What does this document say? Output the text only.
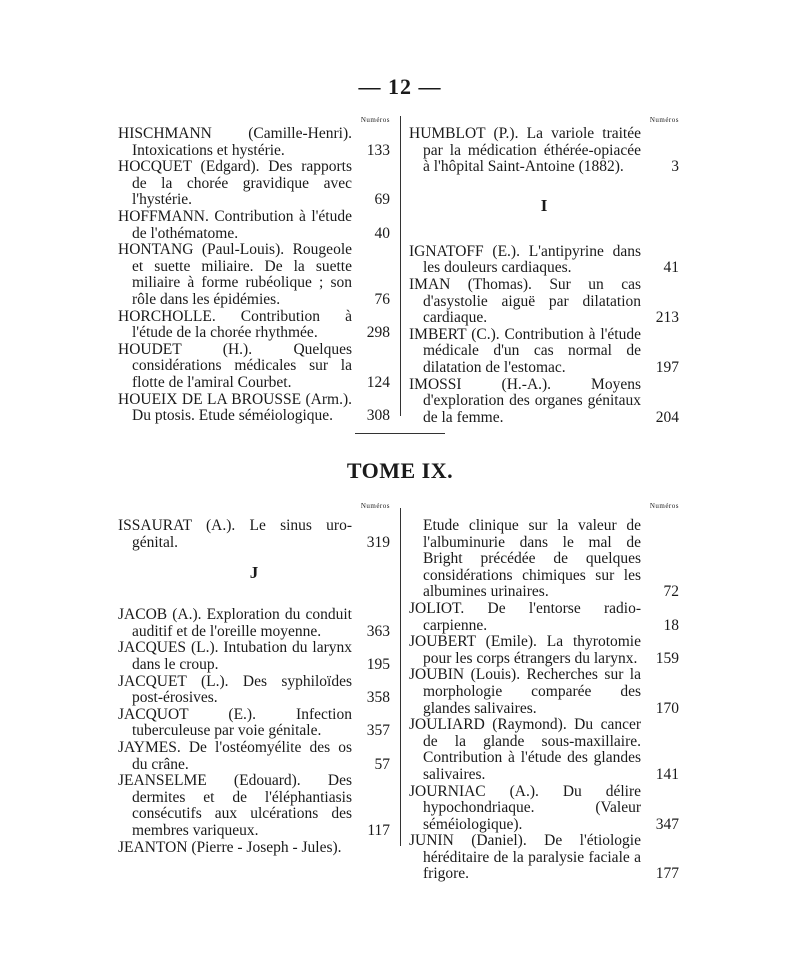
— 12 —
Numéros
HISCHMANN (Camille-Henri). Intoxications et hystérie.	133
HOCQUET (Edgard). Des rapports de la chorée gravidique avec l'hystérie.	69
HOFFMANN. Contribution à l'étude de l'othématome.	40
HONTANG (Paul-Louis). Rougeole et suette miliaire. De la suette miliaire à forme rubéolique ; son rôle dans les épidémies.	76
HORCHOLLE. Contribution à l'étude de la chorée rhythmée.	298
HOUDET (H.). Quelques considérations médicales sur la flotte de l'amiral Courbet.	124
HOUEIX DE LA BROUSSE (Arm.). Du ptosis. Etude séméiologique.	308
Numéros
HUMBLOT (P.). La variole traitée par la médication éthérée-opiacée à l'hôpital Saint-Antoine (1882).	3
I
IGNATOFF (E.). L'antipyrine dans les douleurs cardiaques.	41
IMAN (Thomas). Sur un cas d'asystolie aiguë par dilatation cardiaque.	213
IMBERT (C.). Contribution à l'étude médicale d'un cas normal de dilatation de l'estomac.	197
IMOSSI (H.-A.). Moyens d'exploration des organes génitaux de la femme.	204
TOME IX.
Numéros
ISSAURAT (A.). Le sinus uro-génital.	319
J
JACOB (A.). Exploration du conduit auditif et de l'oreille moyenne.	363
JACQUES (L.). Intubation du larynx dans le croup.	195
JACQUET (L.). Des syphiloïdes post-érosives.	358
JACQUOT (E.). Infection tuberculeuse par voie génitale.	357
JAYMES. De l'ostéomyélite des os du crâne.	57
JEANSELME (Edouard). Des dermites et de l'éléphantiasis consécutifs aux ulcérations des membres variqueux.	117
JEANTON (Pierre - Joseph - Jules).
Numéros
Etude clinique sur la valeur de l'albuminurie dans le mal de Bright précédée de quelques considérations chimiques sur les albumines urinaires.	72
JOLIOT. De l'entorse radio-carpienne.	18
JOUBERT (Emile). La thyrotomie pour les corps étrangers du larynx.	159
JOUBIN (Louis). Recherches sur la morphologie comparée des glandes salivaires.	170
JOULIARD (Raymond). Du cancer de la glande sous-maxillaire. Contribution à l'étude des glandes salivaires.	141
JOURNIAC (A.). Du délire hypochondriaque. (Valeur séméiologique).	347
JUNIN (Daniel). De l'étiologie héréditaire de la paralysie faciale a frigore.	177
